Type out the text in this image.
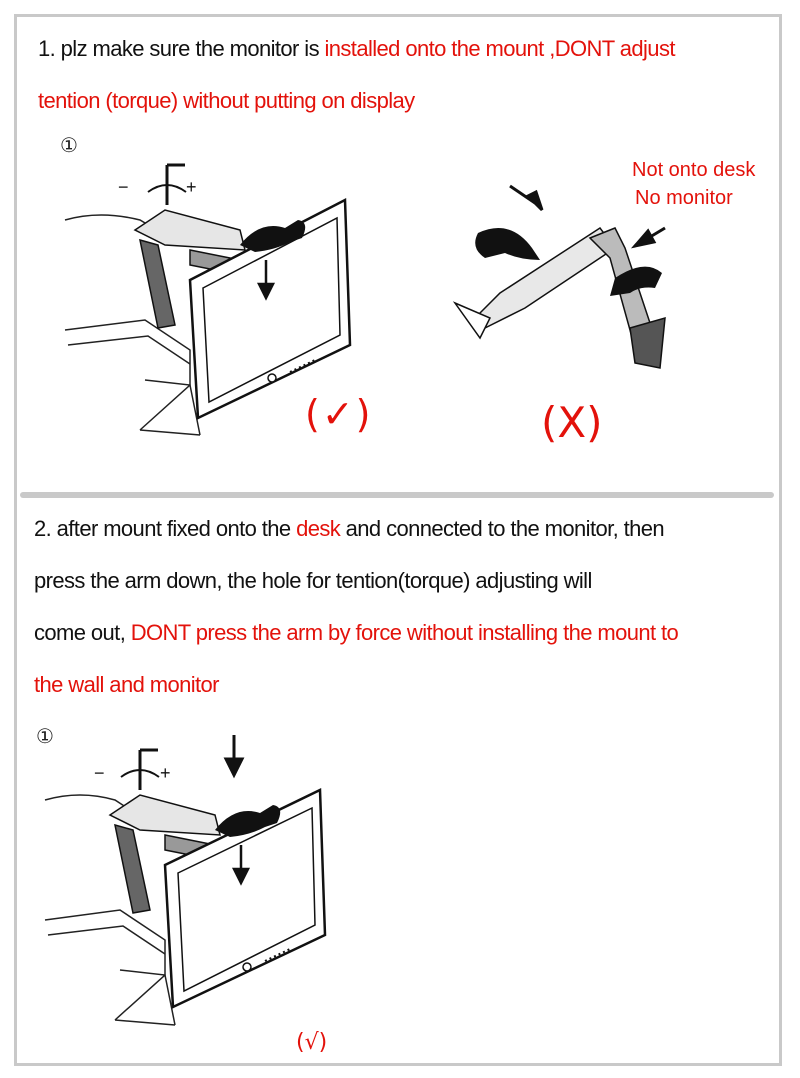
1. plz make sure the monitor is installed onto the mount ,DONT adjust
tention (torque) without putting on display
①
−	+
(✓)
Not onto desk
No monitor
(X)
2. after mount fixed onto the desk and connected to the monitor, then
press the arm down, the hole for tention(torque) adjusting will
come out, DONT press the arm by force without installing the mount to
the wall and monitor
①
−	+
(√)
